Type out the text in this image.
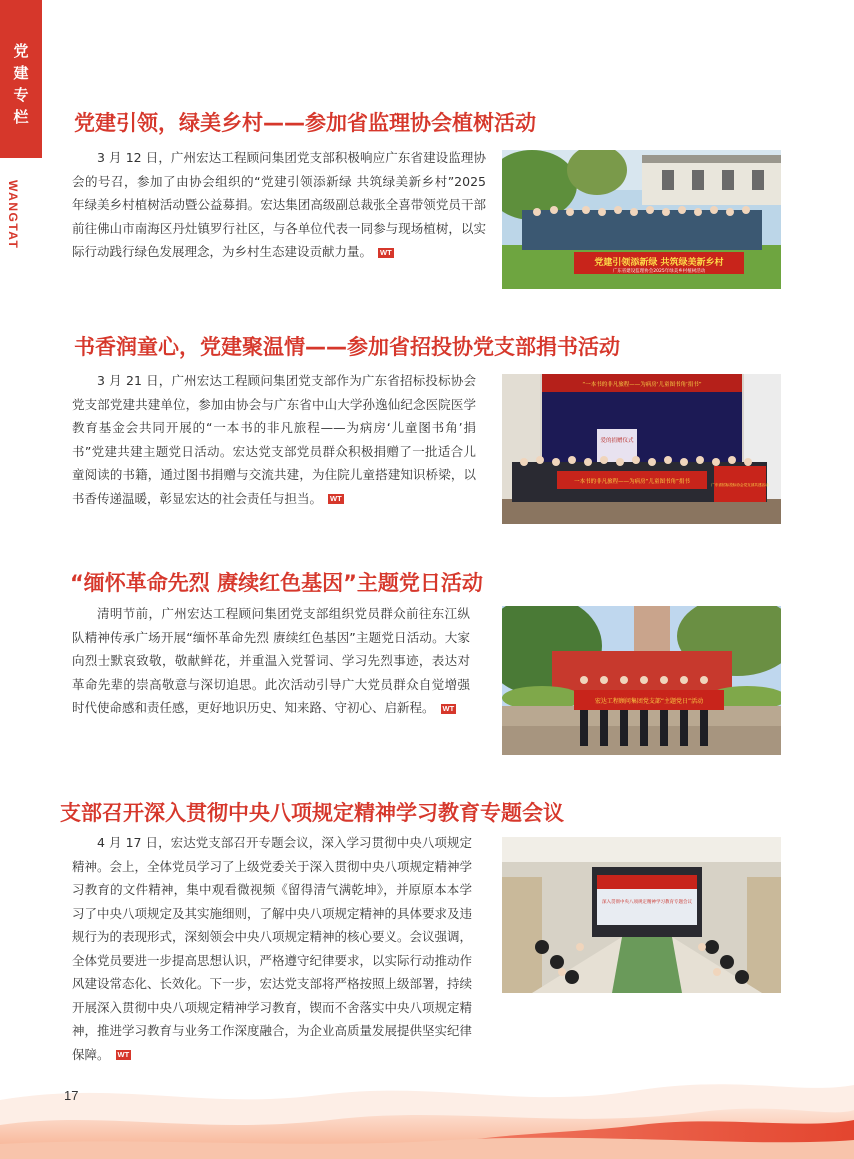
党
建
专
栏
WANGTAT
党建引领，绿美乡村——参加省监理协会植树活动
3 月 12 日，广州宏达工程顾问集团党支部积极响应广东省建设监理协会的号召，参加了由协会组织的“党建引领添新绿 共筑绿美新乡村”2025 年绿美乡村植树活动暨公益募捐。宏达集团高级副总裁张全喜带领党员干部前往佛山市南海区丹灶镇罗行社区，与各单位代表一同参与现场植树，以实际行动践行绿色发展理念，为乡村生态建设贡献力量。 WT
党建引领添新绿 共筑绿美新乡村
广东省建设监理协会2025年绿美乡村植树活动
书香润童心，党建聚温情——参加省招投协党支部捐书活动
3 月 21 日，广州宏达工程顾问集团党支部作为广东省招标投标协会党支部党建共建单位，参加由协会与广东省中山大学孙逸仙纪念医院医学教育基金会共同开展的“一本书的非凡旅程——为病房‘儿童图书角’捐书”党建共建主题党日活动。宏达党支部党员群众积极捐赠了一批适合儿童阅读的书籍，通过图书捐赠与交流共建，为住院儿童搭建知识桥梁，以书香传递温暖，彰显宏达的社会责任与担当。 WT
“一本书的非凡旅程——为病房‘儿童图书角’捐书”
爱的捐赠仪式
一本书的非凡旅程——为病房“儿童图书角”捐书	广东省招标投标协会党支部共建活动
“缅怀革命先烈 赓续红色基因”主题党日活动
清明节前，广州宏达工程顾问集团党支部组织党员群众前往东江纵队精神传承广场开展“缅怀革命先烈 赓续红色基因”主题党日活动。大家向烈士默哀致敬，敬献鲜花，并重温入党誓词、学习先烈事迹，表达对革命先辈的崇高敬意与深切追思。此次活动引导广大党员群众自觉增强时代使命感和责任感，更好地识历史、知来路、守初心、启新程。 WT
宏达工程顾问集团党支部“主题党日”活动
支部召开深入贯彻中央八项规定精神学习教育专题会议
4 月 17 日，宏达党支部召开专题会议，深入学习贯彻中央八项规定精神。会上，全体党员学习了上级党委关于深入贯彻中央八项规定精神学习教育的文件精神，集中观看微视频《留得清气满乾坤》，并原原本本学习了中央八项规定及其实施细则，了解中央八项规定精神的具体要求及违规行为的表现形式，深刻领会中央八项规定精神的核心要义。会议强调，全体党员要进一步提高思想认识，严格遵守纪律要求，以实际行动推动作风建设常态化、长效化。下一步，宏达党支部将严格按照上级部署，持续开展深入贯彻中央八项规定精神学习教育，锲而不舍落实中央八项规定精神，推进学习教育与业务工作深度融合，为企业高质量发展提供坚实纪律保障。 WT
深入贯彻中央八项规定精神学习教育专题会议
17
